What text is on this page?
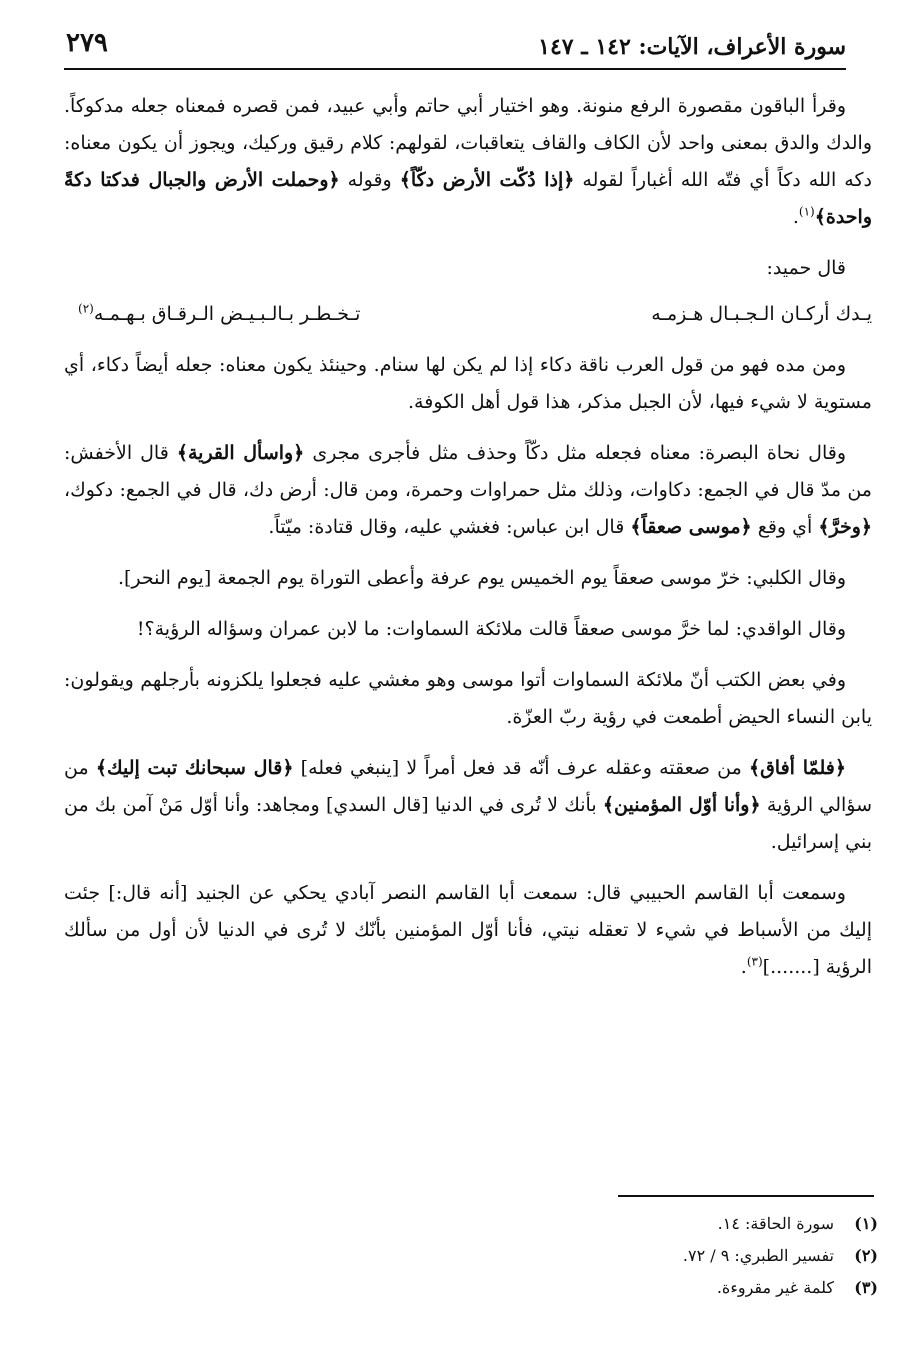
سورة الأعراف، الآيات: ١٤٢ ـ ١٤٧
٢٧٩

وقرأ الباقون مقصورة الرفع منونة. وهو اختيار أبي حاتم وأبي عبيد، فمن قصره فمعناه جعله مدكوكاً. والدك والدق بمعنى واحد لأن الكاف والقاف يتعاقبات، لقولهم: كلام رقيق وركيك، ويجوز أن يكون معناه: دكه الله دكاً أي فتّه الله أغباراً لقوله ﴿إذا دُكّت الأرض دكّاً﴾ وقوله ﴿وحملت الأرض والجبال فدكتا دكةً واحدة﴾$^{(١)}$.

قال حميد:

يـدك أركـان الـجـبـال هـزمـه
تـخـطـر بـالـبـيـض الـرقـاق بـهـمـه$^{(٢)}$

ومن مده فهو من قول العرب ناقة دكاء إذا لم يكن لها سنام. وحينئذ يكون معناه: جعله أيضاً دكاء، أي مستوية لا شيء فيها، لأن الجبل مذكر، هذا قول أهل الكوفة.

وقال نحاة البصرة: معناه فجعله مثل دكّاً وحذف مثل فأجرى مجرى ﴿واسأل القرية﴾ قال الأخفش: من مدّ قال في الجمع: دكاوات، وذلك مثل حمراوات وحمرة، ومن قال: أرض دك، قال في الجمع: دكوك، ﴿وخرَّ﴾ أي وقع ﴿موسى صعقاً﴾ قال ابن عباس: فغشي عليه، وقال قتادة: ميّتاً.

وقال الكلبي: خرّ موسى صعقاً يوم الخميس يوم عرفة وأعطى التوراة يوم الجمعة [يوم النحر].

وقال الواقدي: لما خرَّ موسى صعقاً قالت ملائكة السماوات: ما لابن عمران وسؤاله الرؤية؟!

وفي بعض الكتب أنّ ملائكة السماوات أتوا موسى وهو مغشي عليه فجعلوا يلكزونه بأرجلهم ويقولون: يابن النساء الحيض أطمعت في رؤية ربّ العزّة.

﴿فلمّا أفاق﴾ من صعقته وعقله عرف أنّه قد فعل أمراً لا [ينبغي فعله] ﴿قال سبحانك تبت إليك﴾ من سؤالي الرؤية ﴿وأنا أوّل المؤمنين﴾ بأنك لا تُرى في الدنيا [قال السدي] ومجاهد: وأنا أوّل مَنْ آمن بك من بني إسرائيل.

وسمعت أبا القاسم الحبيبي قال: سمعت أبا القاسم النصر آبادي يحكي عن الجنيد [أنه قال:] جئت إليك من الأسباط في شيء لا تعقله نيتي، فأنا أوّل المؤمنين بأنّك لا تُرى في الدنيا لأن أول من سألك الرؤية [.......]$^{(٣)}$.

(١)
سورة الحاقة: ١٤.
(٢)
تفسير الطبري: ٩ / ٧٢.
(٣)
كلمة غير مقروءة.
